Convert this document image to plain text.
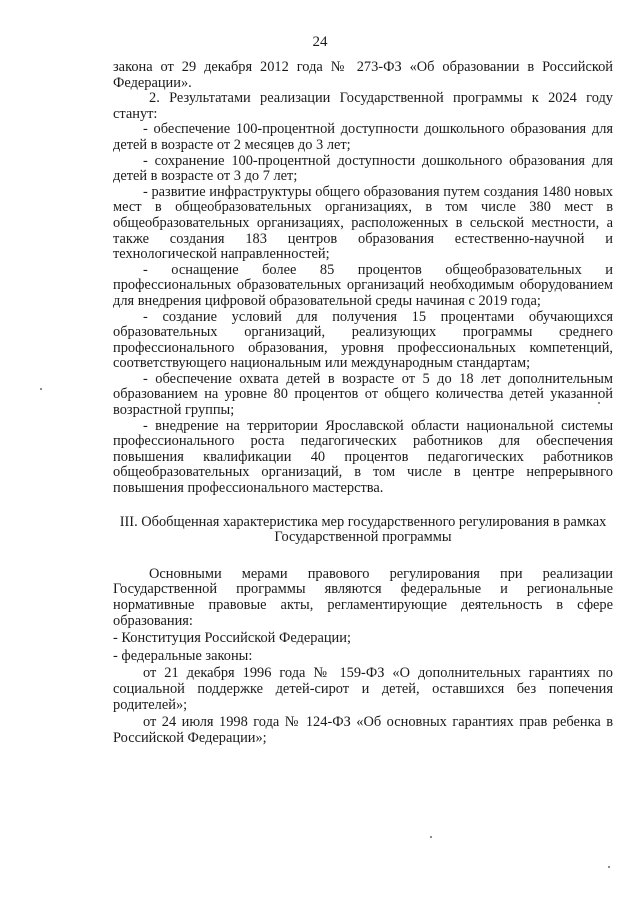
24

закона от 29 декабря 2012 года № 273-ФЗ «Об образовании в Российской Федерации».

2. Результатами реализации Государственной программы к 2024 году станут:

- обеспечение 100-процентной доступности дошкольного образования для детей в возрасте от 2 месяцев до 3 лет;

- сохранение 100-процентной доступности дошкольного образования для детей в возрасте от 3 до 7 лет;

- развитие инфраструктуры общего образования путем создания 1480 новых мест в общеобразовательных организациях, в том числе 380 мест в общеобразовательных организациях, расположенных в сельской местности, а также создания 183 центров образования естественно-научной и технологической направленностей;

- оснащение более 85 процентов общеобразовательных и профессиональных образовательных организаций необходимым оборудованием для внедрения цифровой образовательной среды начиная с 2019 года;

- создание условий для получения 15 процентами обучающихся образовательных организаций, реализующих программы среднего профессионального образования, уровня профессиональных компетенций, соответствующего национальным или международным стандартам;

- обеспечение охвата детей в возрасте от 5 до 18 лет дополнительным образованием на уровне 80 процентов от общего количества детей указанной возрастной группы;

- внедрение на территории Ярославской области национальной системы профессионального роста педагогических работников для обеспечения повышения квалификации 40 процентов педагогических работников общеобразовательных организаций, в том числе в центре непрерывного повышения профессионального мастерства.

III. Обобщенная характеристика мер государственного регулирования в рамках Государственной программы

Основными мерами правового регулирования при реализации Государственной программы являются федеральные и региональные нормативные правовые акты, регламентирующие деятельность в сфере образования:

- Конституция Российской Федерации;

- федеральные законы:

от 21 декабря 1996 года № 159-ФЗ «О дополнительных гарантиях по социальной поддержке детей-сирот и детей, оставшихся без попечения родителей»;

от 24 июля 1998 года № 124-ФЗ «Об основных гарантиях прав ребенка в Российской Федерации»;
